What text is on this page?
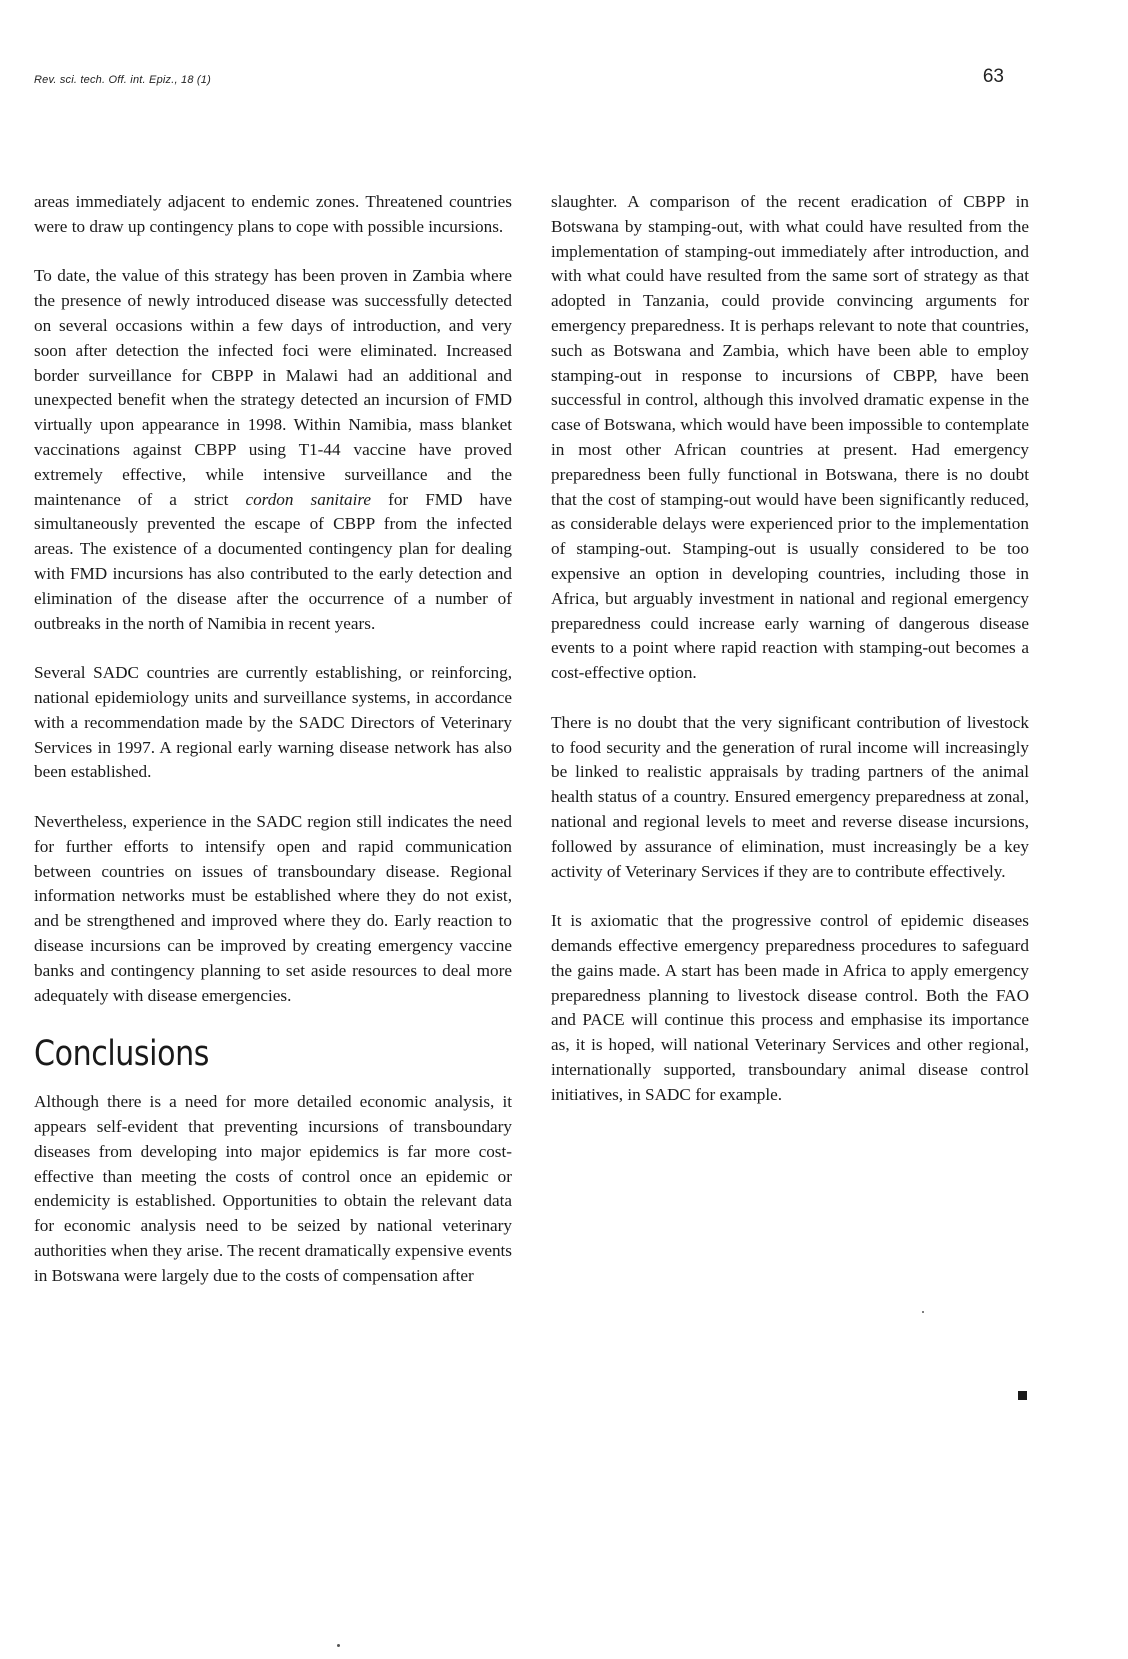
Rev. sci. tech. Off. int. Epiz., 18 (1)	63

areas immediately adjacent to endemic zones. Threatened countries were to draw up contingency plans to cope with possible incursions.

To date, the value of this strategy has been proven in Zambia where the presence of newly introduced disease was successfully detected on several occasions within a few days of introduction, and very soon after detection the infected foci were eliminated. Increased border surveillance for CBPP in Malawi had an additional and unexpected benefit when the strategy detected an incursion of FMD virtually upon appearance in 1998. Within Namibia, mass blanket vaccinations against CBPP using T1-44 vaccine have proved extremely effective, while intensive surveillance and the maintenance of a strict cordon sanitaire for FMD have simultaneously prevented the escape of CBPP from the infected areas. The existence of a documented contingency plan for dealing with FMD incursions has also contributed to the early detection and elimination of the disease after the occurrence of a number of outbreaks in the north of Namibia in recent years.

Several SADC countries are currently establishing, or reinforcing, national epidemiology units and surveillance systems, in accordance with a recommendation made by the SADC Directors of Veterinary Services in 1997. A regional early warning disease network has also been established.

Nevertheless, experience in the SADC region still indicates the need for further efforts to intensify open and rapid communication between countries on issues of transboundary disease. Regional information networks must be established where they do not exist, and be strengthened and improved where they do. Early reaction to disease incursions can be improved by creating emergency vaccine banks and contingency planning to set aside resources to deal more adequately with disease emergencies.

Conclusions

Although there is a need for more detailed economic analysis, it appears self-evident that preventing incursions of transboundary diseases from developing into major epidemics is far more cost-effective than meeting the costs of control once an epidemic or endemicity is established. Opportunities to obtain the relevant data for economic analysis need to be seized by national veterinary authorities when they arise. The recent dramatically expensive events in Botswana were largely due to the costs of compensation after

slaughter. A comparison of the recent eradication of CBPP in Botswana by stamping-out, with what could have resulted from the implementation of stamping-out immediately after introduction, and with what could have resulted from the same sort of strategy as that adopted in Tanzania, could provide convincing arguments for emergency preparedness. It is perhaps relevant to note that countries, such as Botswana and Zambia, which have been able to employ stamping-out in response to incursions of CBPP, have been successful in control, although this involved dramatic expense in the case of Botswana, which would have been impossible to contemplate in most other African countries at present. Had emergency preparedness been fully functional in Botswana, there is no doubt that the cost of stamping-out would have been significantly reduced, as considerable delays were experienced prior to the implementation of stamping-out. Stamping-out is usually considered to be too expensive an option in developing countries, including those in Africa, but arguably investment in national and regional emergency preparedness could increase early warning of dangerous disease events to a point where rapid reaction with stamping-out becomes a cost-effective option.

There is no doubt that the very significant contribution of livestock to food security and the generation of rural income will increasingly be linked to realistic appraisals by trading partners of the animal health status of a country. Ensured emergency preparedness at zonal, national and regional levels to meet and reverse disease incursions, followed by assurance of elimination, must increasingly be a key activity of Veterinary Services if they are to contribute effectively.

It is axiomatic that the progressive control of epidemic diseases demands effective emergency preparedness procedures to safeguard the gains made. A start has been made in Africa to apply emergency preparedness planning to livestock disease control. Both the FAO and PACE will continue this process and emphasise its importance as, it is hoped, will national Veterinary Services and other regional, internationally supported, transboundary animal disease control initiatives, in SADC for example.
